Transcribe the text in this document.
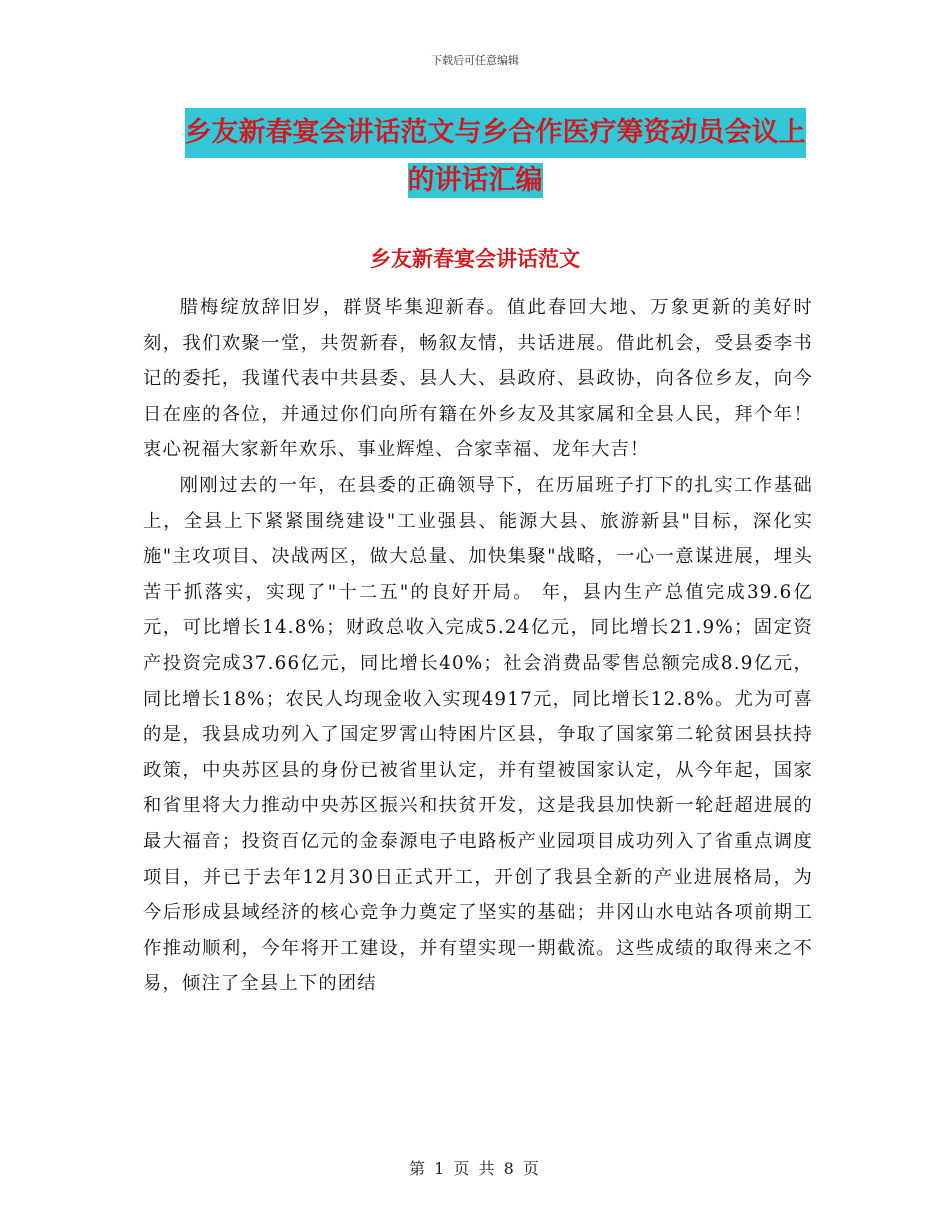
下载后可任意编辑
乡友新春宴会讲话范文与乡合作医疗筹资动员会议上
的讲话汇编
乡友新春宴会讲话范文

腊梅绽放辞旧岁，群贤毕集迎新春。值此春回大地、万象更新的美好时刻，我们欢聚一堂，共贺新春，畅叙友情，共话进展。借此机会，受县委李书记的委托，我谨代表中共县委、县人大、县政府、县政协，向各位乡友，向今日在座的各位，并通过你们向所有籍在外乡友及其家属和全县人民，拜个年！衷心祝福大家新年欢乐、事业辉煌、合家幸福、龙年大吉！

刚刚过去的一年，在县委的正确领导下，在历届班子打下的扎实工作基础上，全县上下紧紧围绕建设"工业强县、能源大县、旅游新县"目标，深化实施"主攻项目、决战两区，做大总量、加快集聚"战略，一心一意谋进展，埋头苦干抓落实，实现了"十二五"的良好开局。 年，县内生产总值完成39.6亿元，可比增长14.8%；财政总收入完成5.24亿元，同比增长21.9%；固定资产投资完成37.66亿元，同比增长40%；社会消费品零售总额完成8.9亿元，同比增长18%；农民人均现金收入实现4917元，同比增长12.8%。尤为可喜的是，我县成功列入了国定罗霄山特困片区县，争取了国家第二轮贫困县扶持政策，中央苏区县的身份已被省里认定，并有望被国家认定，从今年起，国家和省里将大力推动中央苏区振兴和扶贫开发，这是我县加快新一轮赶超进展的最大福音；投资百亿元的金泰源电子电路板产业园项目成功列入了省重点调度项目，并已于去年12月30日正式开工，开创了我县全新的产业进展格局，为今后形成县域经济的核心竞争力奠定了坚实的基础；井冈山水电站各项前期工作推动顺利，今年将开工建设，并有望实现一期截流。这些成绩的取得来之不易，倾注了全县上下的团结

第 1 页 共 8 页
